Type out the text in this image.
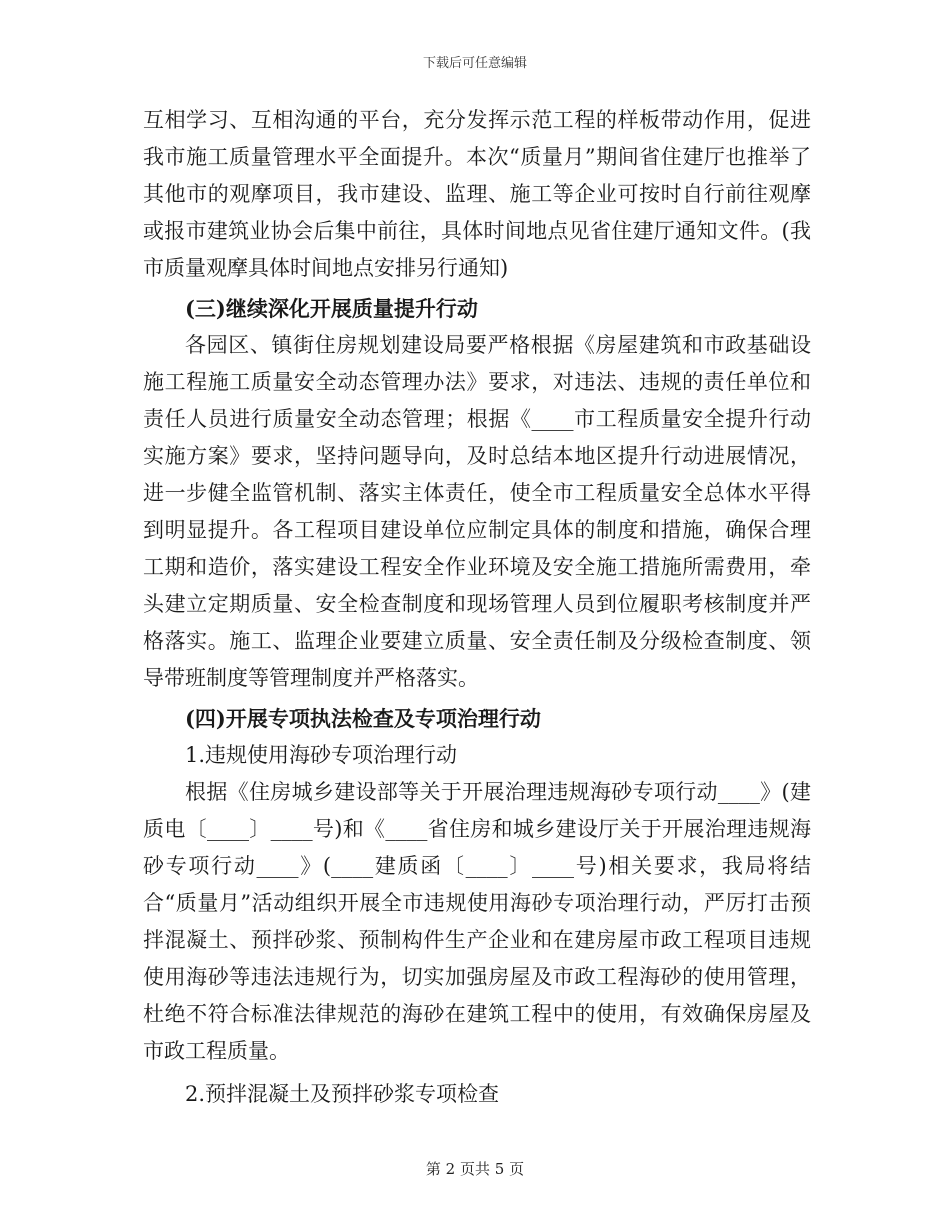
下载后可任意编辑

互相学习、互相沟通的平台，充分发挥示范工程的样板带动作用，促进我市施工质量管理水平全面提升。本次“质量月”期间省住建厅也推举了其他市的观摩项目，我市建设、监理、施工等企业可按时自行前往观摩或报市建筑业协会后集中前往，具体时间地点见省住建厅通知文件。(我市质量观摩具体时间地点安排另行通知)

(三)继续深化开展质量提升行动

各园区、镇街住房规划建设局要严格根据《房屋建筑和市政基础设施工程施工质量安全动态管理办法》要求，对违法、违规的责任单位和责任人员进行质量安全动态管理；根据《____市工程质量安全提升行动实施方案》要求，坚持问题导向，及时总结本地区提升行动进展情况，进一步健全监管机制、落实主体责任，使全市工程质量安全总体水平得到明显提升。各工程项目建设单位应制定具体的制度和措施，确保合理工期和造价，落实建设工程安全作业环境及安全施工措施所需费用，牵头建立定期质量、安全检查制度和现场管理人员到位履职考核制度并严格落实。施工、监理企业要建立质量、安全责任制及分级检查制度、领导带班制度等管理制度并严格落实。

(四)开展专项执法检查及专项治理行动

1.违规使用海砂专项治理行动

根据《住房城乡建设部等关于开展治理违规海砂专项行动____》(建质电〔____〕____号)和《____省住房和城乡建设厅关于开展治理违规海砂专项行动____》(____建质函〔____〕____号)相关要求，我局将结合“质量月”活动组织开展全市违规使用海砂专项治理行动，严厉打击预拌混凝土、预拌砂浆、预制构件生产企业和在建房屋市政工程项目违规使用海砂等违法违规行为，切实加强房屋及市政工程海砂的使用管理，杜绝不符合标准法律规范的海砂在建筑工程中的使用，有效确保房屋及市政工程质量。

2.预拌混凝土及预拌砂浆专项检查

第 2 页共 5 页
